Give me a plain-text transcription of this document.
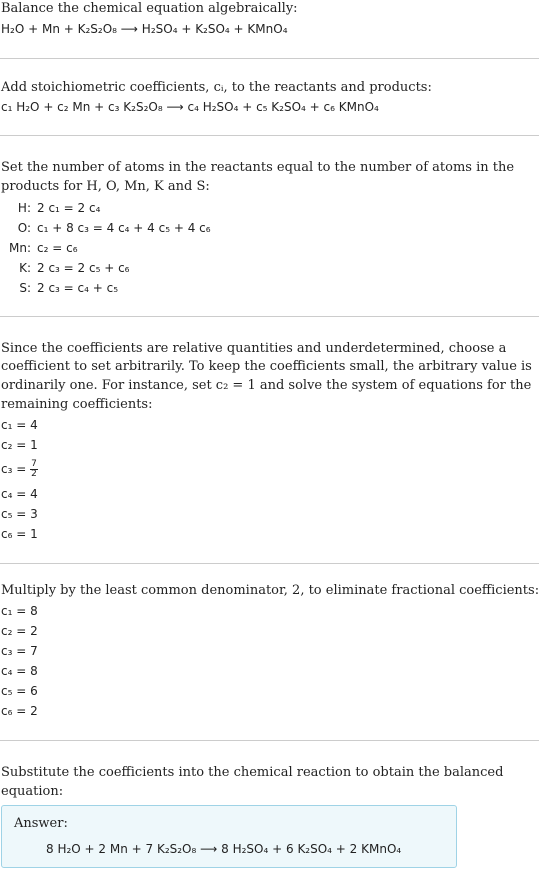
Balance the chemical equation algebraically:
H₂O + Mn + K₂S₂O₈ ⟶ H₂SO₄ + K₂SO₄ + KMnO₄
Add stoichiometric coefficients, cᵢ, to the reactants and products:
c₁ H₂O + c₂ Mn + c₃ K₂S₂O₈ ⟶ c₄ H₂SO₄ + c₅ K₂SO₄ + c₆ KMnO₄
Set the number of atoms in the reactants equal to the number of atoms in the
products for H, O, Mn, K and S:
H: 2 c₁ = 2 c₄
O: c₁ + 8 c₃ = 4 c₄ + 4 c₅ + 4 c₆
Mn: c₂ = c₆
K: 2 c₃ = 2 c₅ + c₆
S: 2 c₃ = c₄ + c₅
Since the coefficients are relative quantities and underdetermined, choose a
coefficient to set arbitrarily. To keep the coefficients small, the arbitrary value is
ordinarily one. For instance, set c₂ = 1 and solve the system of equations for the
remaining coefficients:
c₁ = 4
c₂ = 1
$c_3 = \frac{7}{2}$
c₄ = 4
c₅ = 3
c₆ = 1
Multiply by the least common denominator, 2, to eliminate fractional coefficients:
c₁ = 8
c₂ = 2
c₃ = 7
c₄ = 8
c₅ = 6
c₆ = 2
Substitute the coefficients into the chemical reaction to obtain the balanced
equation:
Answer:
8 H₂O + 2 Mn + 7 K₂S₂O₈ ⟶ 8 H₂SO₄ + 6 K₂SO₄ + 2 KMnO₄
